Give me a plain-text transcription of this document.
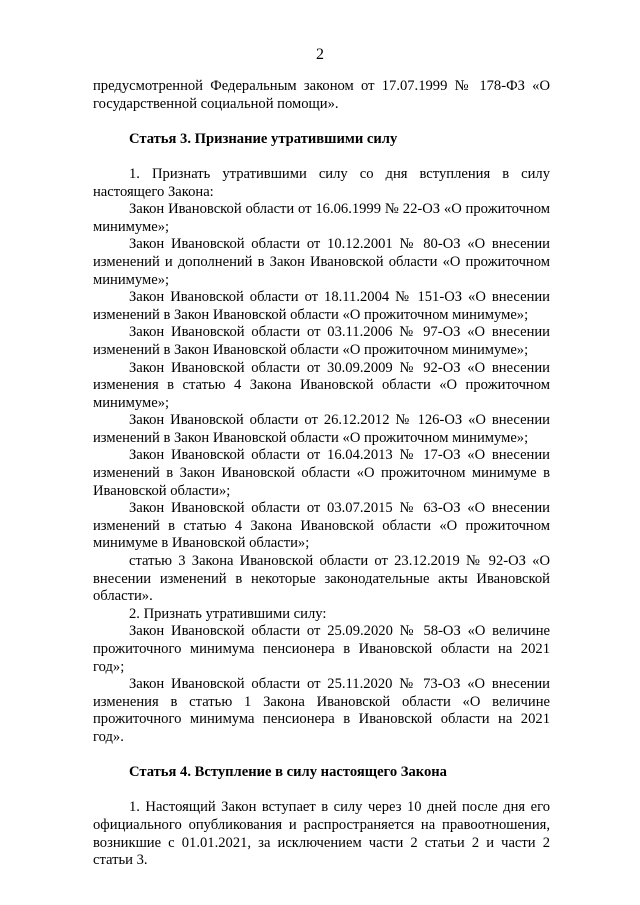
2

предусмотренной Федеральным законом от 17.07.1999 № 178-ФЗ «О государственной социальной помощи».

Статья 3. Признание утратившими силу

1. Признать утратившими силу со дня вступления в силу настоящего Закона:

Закон Ивановской области от 16.06.1999 № 22-ОЗ «О прожиточном минимуме»;

Закон Ивановской области от 10.12.2001 № 80-ОЗ «О внесении изменений и дополнений в Закон Ивановской области «О прожиточном минимуме»;

Закон Ивановской области от 18.11.2004 № 151-ОЗ «О внесении изменений в Закон Ивановской области «О прожиточном минимуме»;

Закон Ивановской области от 03.11.2006 № 97-ОЗ «О внесении изменений в Закон Ивановской области «О прожиточном минимуме»;

Закон Ивановской области от 30.09.2009 № 92-ОЗ «О внесении изменения в статью 4 Закона Ивановской области «О прожиточном минимуме»;

Закон Ивановской области от 26.12.2012 № 126-ОЗ «О внесении изменений в Закон Ивановской области «О прожиточном минимуме»;

Закон Ивановской области от 16.04.2013 № 17-ОЗ «О внесении изменений в Закон Ивановской области «О прожиточном минимуме в Ивановской области»;

Закон Ивановской области от 03.07.2015 № 63-ОЗ «О внесении изменений в статью 4 Закона Ивановской области «О прожиточном минимуме в Ивановской области»;

статью 3 Закона Ивановской области от 23.12.2019 № 92-ОЗ «О внесении изменений в некоторые законодательные акты Ивановской области».

2. Признать утратившими силу:

Закон Ивановской области от 25.09.2020 № 58-ОЗ «О величине прожиточного минимума пенсионера в Ивановской области на 2021 год»;

Закон Ивановской области от 25.11.2020 № 73-ОЗ «О внесении изменения в статью 1 Закона Ивановской области «О величине прожиточного минимума пенсионера в Ивановской области на 2021 год».

Статья 4. Вступление в силу настоящего Закона

1. Настоящий Закон вступает в силу через 10 дней после дня его официального опубликования и распространяется на правоотношения, возникшие с 01.01.2021, за исключением части 2 статьи 2 и части 2 статьи 3.
